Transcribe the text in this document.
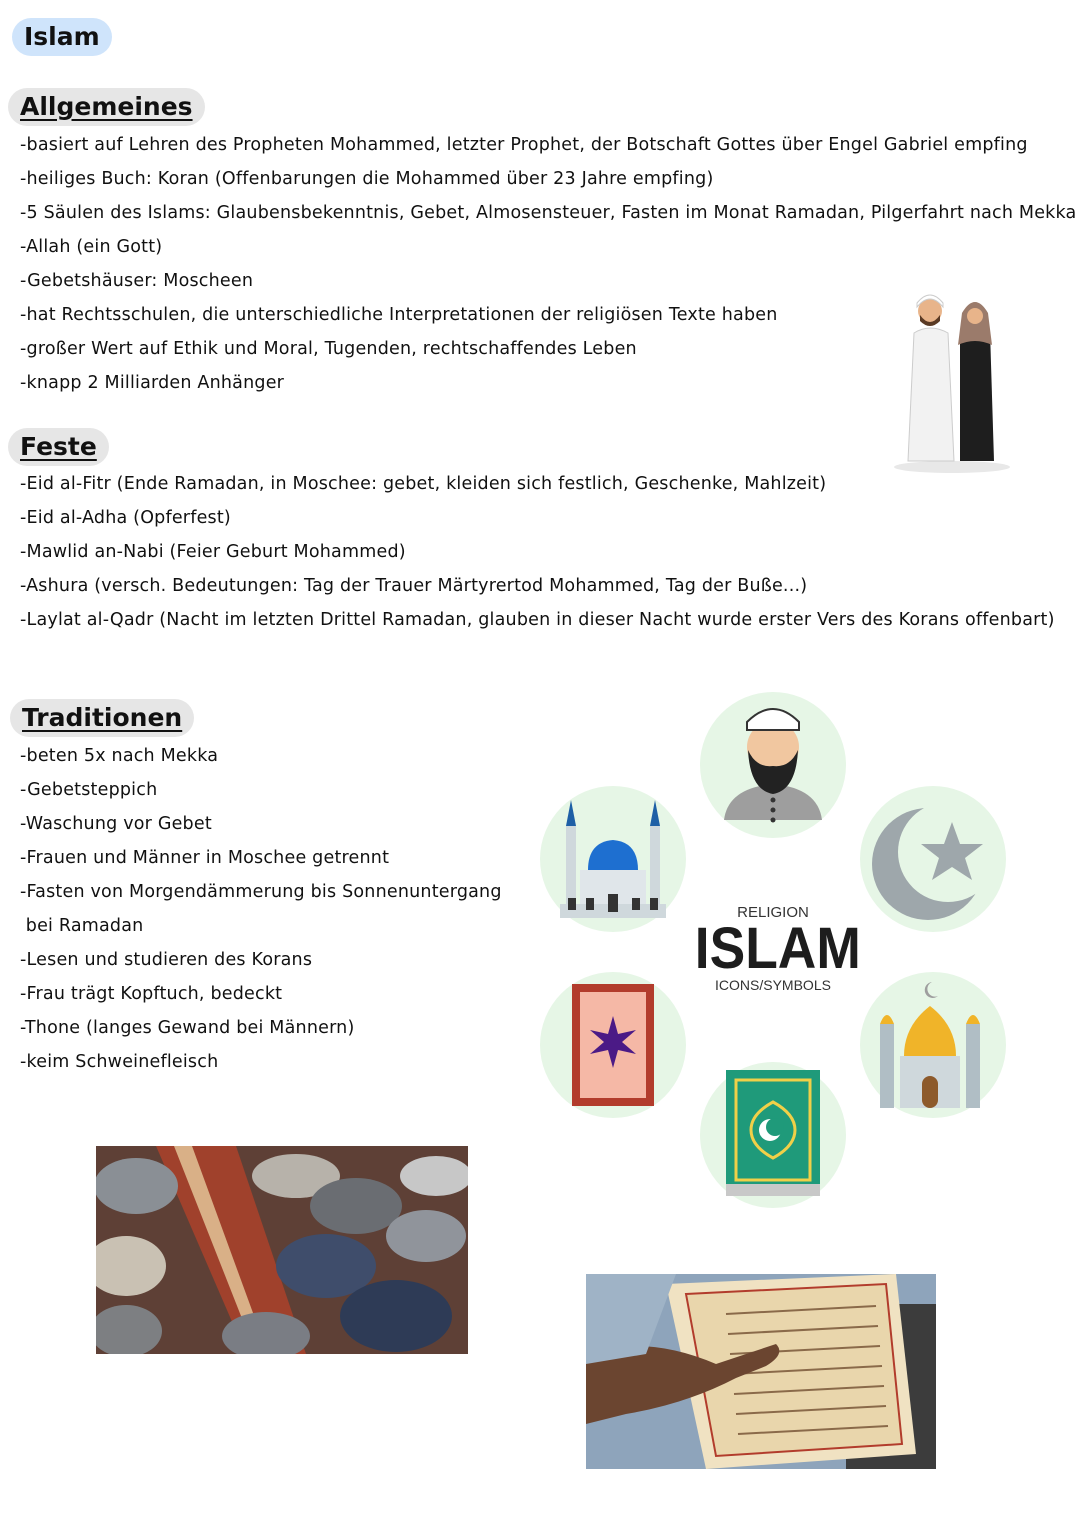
Islam
Allgemeines
-basiert auf Lehren des Propheten Mohammed, letzter Prophet, der Botschaft Gottes über Engel Gabriel empfing
-heiliges Buch: Koran (Offenbarungen die Mohammed über 23 Jahre empfing)
-5 Säulen des Islams: Glaubensbekenntnis, Gebet, Almosensteuer, Fasten im Monat Ramadan, Pilgerfahrt nach Mekka
-Allah (ein Gott)
-Gebetshäuser: Moscheen
-hat Rechtsschulen, die unterschiedliche Interpretationen der religiösen Texte haben
-großer Wert auf Ethik und Moral, Tugenden, rechtschaffendes Leben
-knapp 2 Milliarden Anhänger
Feste
-Eid al-Fitr (Ende Ramadan, in Moschee: gebet, kleiden sich festlich, Geschenke, Mahlzeit)
-Eid al-Adha (Opferfest)
-Mawlid an-Nabi (Feier Geburt Mohammed)
-Ashura (versch. Bedeutungen: Tag der Trauer Märtyrertod Mohammed, Tag der Buße...)
-Laylat al-Qadr (Nacht im letzten Drittel Ramadan, glauben in dieser Nacht wurde erster Vers des Korans offenbart)
Traditionen
-beten 5x nach Mekka
-Gebetsteppich
-Waschung vor Gebet
-Frauen und Männer in Moschee getrennt
-Fasten von Morgendämmerung bis Sonnenuntergang
bei Ramadan
-Lesen und studieren des Korans
-Frau trägt Kopftuch, bedeckt
-Thone (langes Gewand bei Männern)
-keim Schweinefleisch
RELIGION
ISLAM
ICONS/SYMBOLS
